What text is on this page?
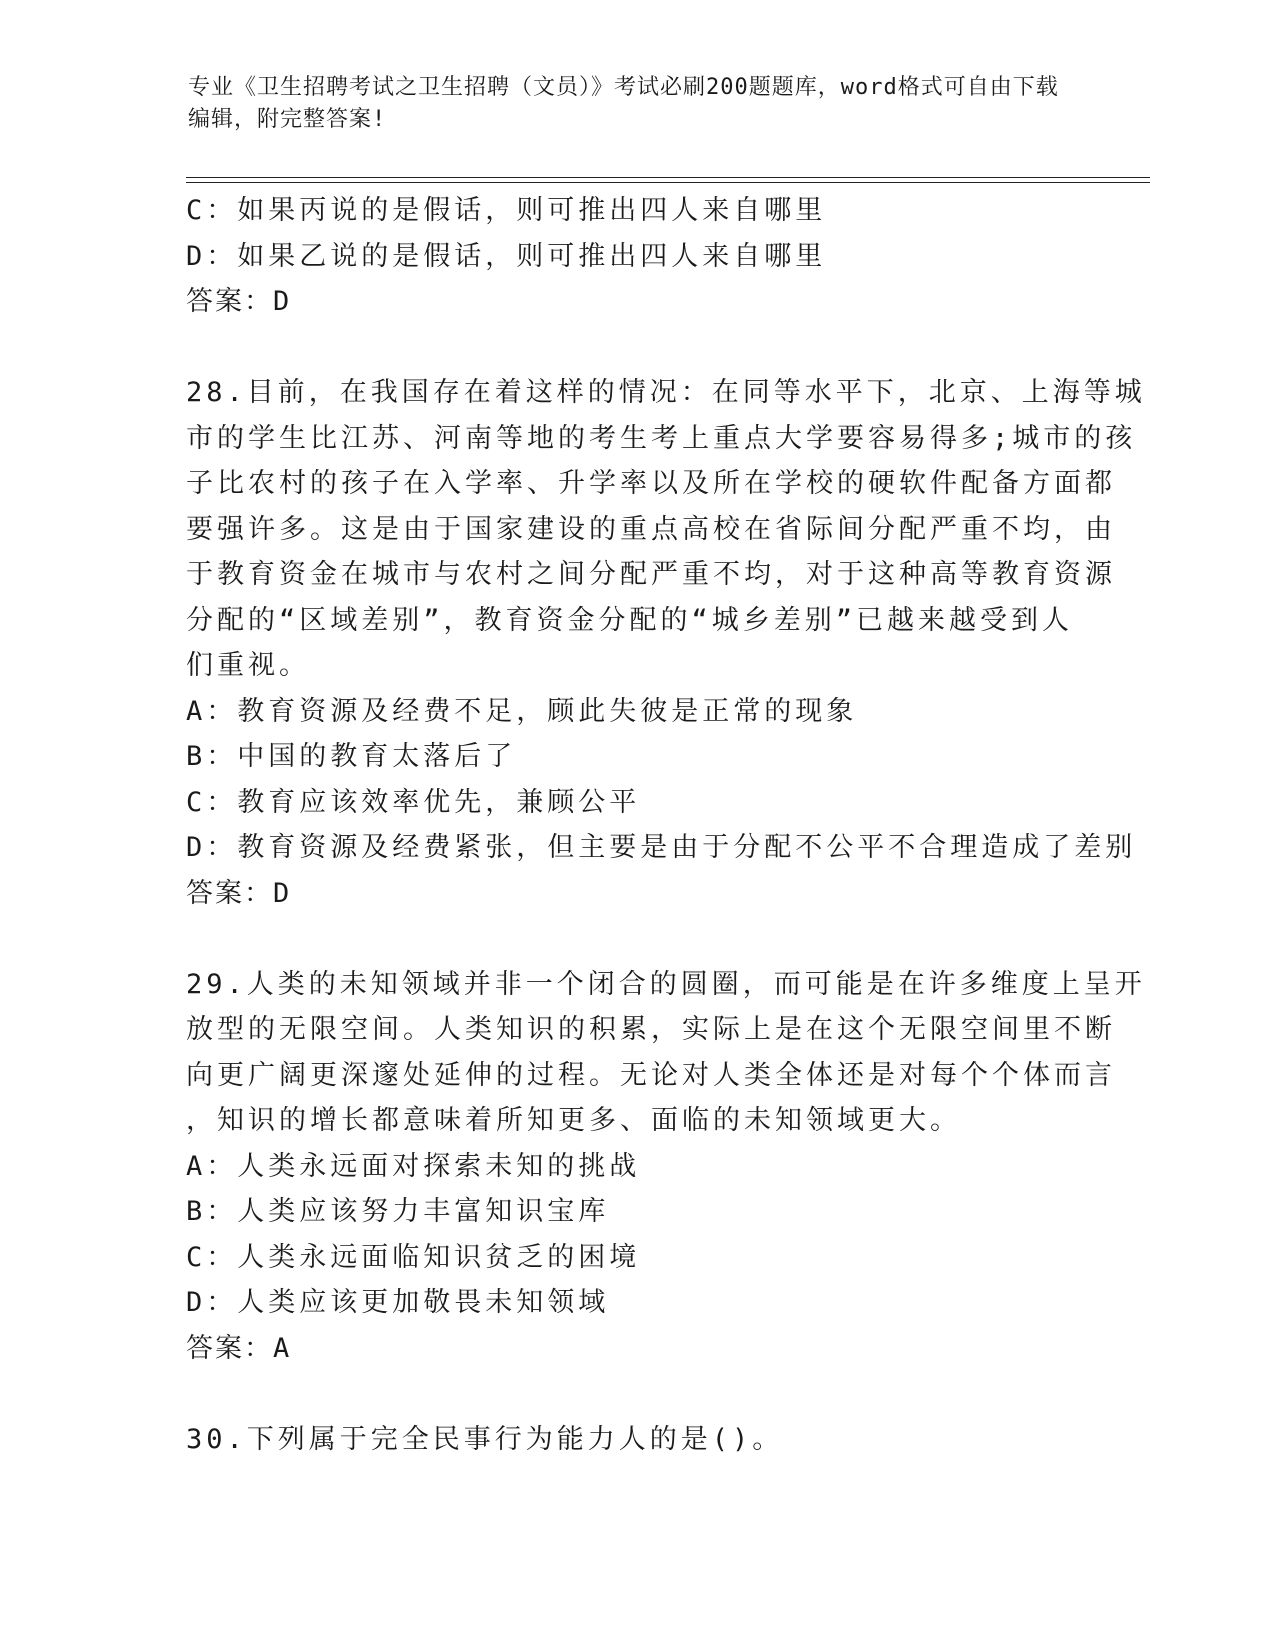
专业《卫生招聘考试之卫生招聘（文员）》考试必刷200题题库，word格式可自由下载编辑，附完整答案!
C：如果丙说的是假话，则可推出四人来自哪里
D：如果乙说的是假话，则可推出四人来自哪里
答案：D
28.目前，在我国存在着这样的情况：在同等水平下，北京、上海等城
市的学生比江苏、河南等地的考生考上重点大学要容易得多;城市的孩
子比农村的孩子在入学率、升学率以及所在学校的硬软件配备方面都
要强许多。这是由于国家建设的重点高校在省际间分配严重不均，由
于教育资金在城市与农村之间分配严重不均，对于这种高等教育资源
分配的“区域差别”，教育资金分配的“城乡差别”已越来越受到人
们重视。
A：教育资源及经费不足，顾此失彼是正常的现象
B：中国的教育太落后了
C：教育应该效率优先，兼顾公平
D：教育资源及经费紧张，但主要是由于分配不公平不合理造成了差别
答案：D
29.人类的未知领域并非一个闭合的圆圈，而可能是在许多维度上呈开
放型的无限空间。人类知识的积累，实际上是在这个无限空间里不断
向更广阔更深邃处延伸的过程。无论对人类全体还是对每个个体而言
，知识的增长都意味着所知更多、面临的未知领域更大。
A：人类永远面对探索未知的挑战
B：人类应该努力丰富知识宝库
C：人类永远面临知识贫乏的困境
D：人类应该更加敬畏未知领域
答案：A
30.下列属于完全民事行为能力人的是()。
